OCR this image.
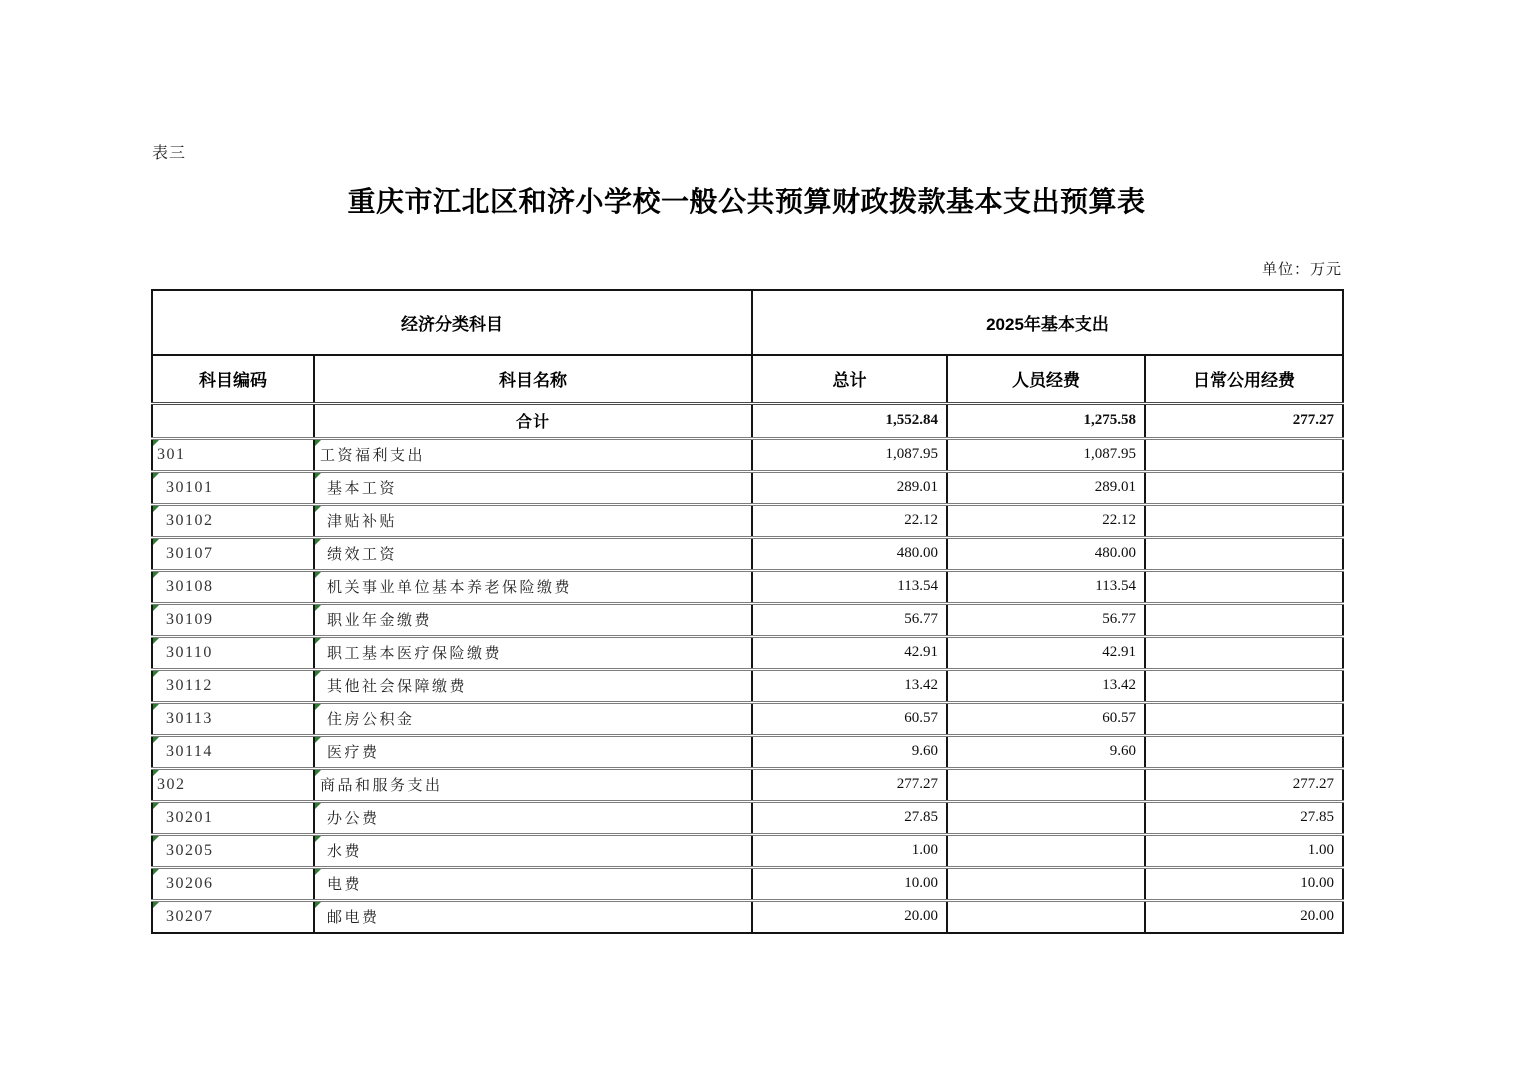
表三
重庆市江北区和济小学校一般公共预算财政拨款基本支出预算表
单位：万元
经济分类科目		2025年基本支出		
科目编码	科目名称	总计	人员经费	日常公用经费
	合计	1,552.84	1,275.58	277.27

301	工资福利支出	1,087.95	1,087.95	

30101	基本工资	289.01	289.01	

30102	津贴补贴	22.12	22.12	

30107	绩效工资	480.00	480.00	

30108	机关事业单位基本养老保险缴费	113.54	113.54	

30109	职业年金缴费	56.77	56.77	

30110	职工基本医疗保险缴费	42.91	42.91	

30112	其他社会保障缴费	13.42	13.42	

30113	住房公积金	60.57	60.57	

30114	医疗费	9.60	9.60	

302	商品和服务支出	277.27		277.27

30201	办公费	27.85		27.85

30205	水费	1.00		1.00

30206	电费	10.00		10.00

30207	邮电费	20.00		20.00
